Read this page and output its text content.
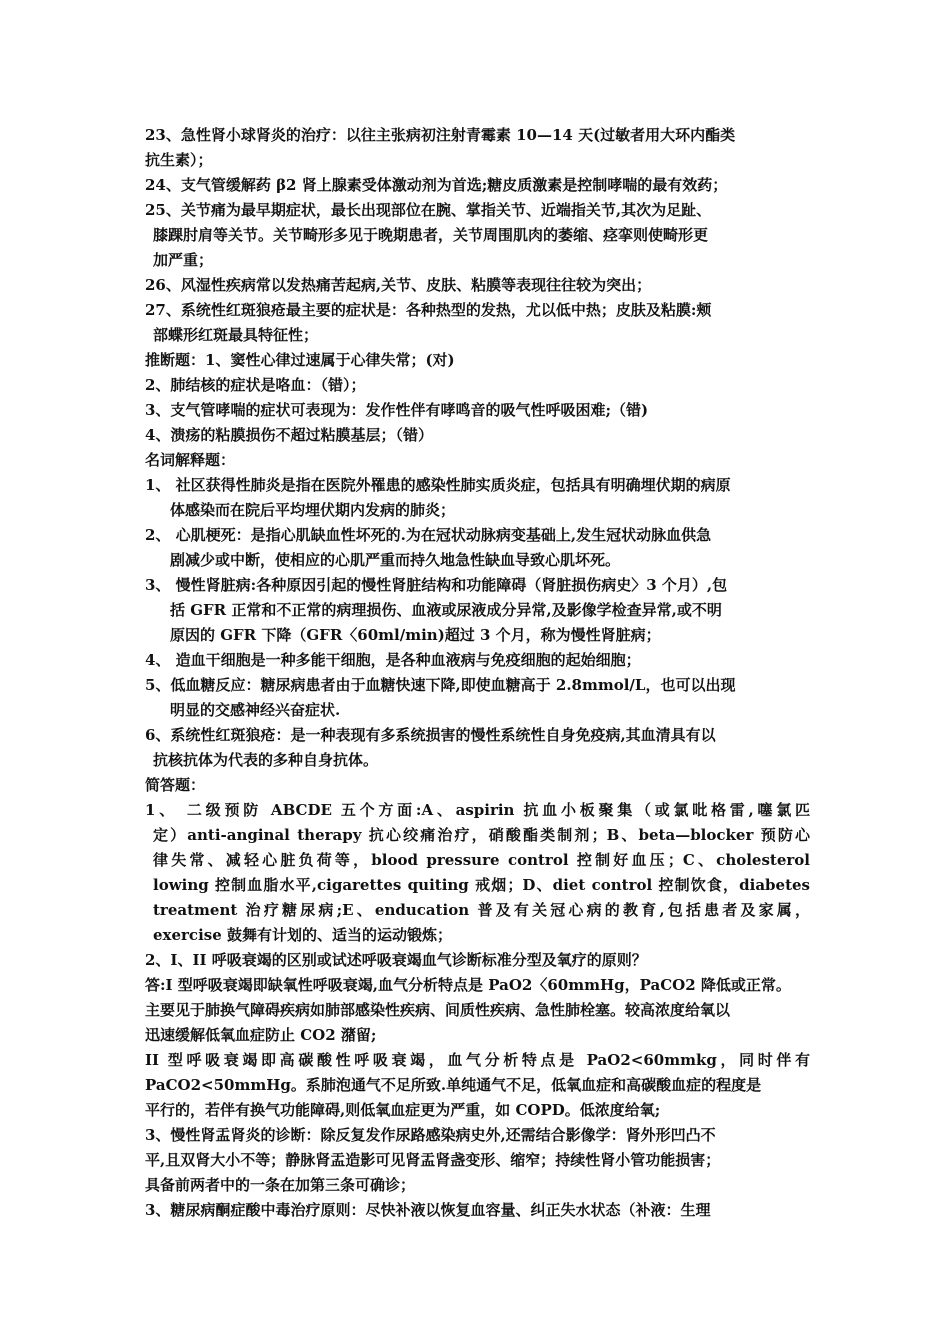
23、急性肾小球肾炎的治疗：以往主张病初注射青霉素 10—14 天(过敏者用大环内酯类
抗生素）；
24、支气管缓解药 β2 肾上腺素受体激动剂为首选;糖皮质激素是控制哮喘的最有效药；
25、关节痛为最早期症状，最长出现部位在腕、掌指关节、近端指关节,其次为足趾、
膝踝肘肩等关节。关节畸形多见于晚期患者，关节周围肌肉的萎缩、痉挛则使畸形更
加严重；
26、风湿性疾病常以发热痛苦起病,关节、皮肤、粘膜等表现往往较为突出；
27、系统性红斑狼疮最主要的症状是：各种热型的发热，尤以低中热；皮肤及粘膜:颊
部蝶形红斑最具特征性；
推断题：1、窦性心律过速属于心律失常；(对)
2、肺结核的症状是咯血：（错）；
3、支气管哮喘的症状可表现为：发作性伴有哮鸣音的吸气性呼吸困难;（错)
4、溃疡的粘膜损伤不超过粘膜基层；（错）
名词解释题：
1、 社区获得性肺炎是指在医院外罹患的感染性肺实质炎症，包括具有明确埋伏期的病原
体感染而在院后平均埋伏期内发病的肺炎；
2、 心肌梗死：是指心肌缺血性坏死的.为在冠状动脉病变基础上,发生冠状动脉血供急
剧减少或中断，使相应的心肌严重而持久地急性缺血导致心肌坏死。
3、 慢性肾脏病:各种原因引起的慢性肾脏结构和功能障碍（肾脏损伤病史〉3 个月）,包
括 GFR 正常和不正常的病理损伤、血液或尿液成分异常,及影像学检查异常,或不明
原因的 GFR 下降（GFR〈60ml/min)超过 3 个月，称为慢性肾脏病；
4、 造血干细胞是一种多能干细胞，是各种血液病与免疫细胞的起始细胞；
5、低血糖反应：糖尿病患者由于血糖快速下降,即使血糖高于 2.8mmol/L，也可以出现
明显的交感神经兴奋症状.
6、系统性红斑狼疮：是一种表现有多系统损害的慢性系统性自身免疫病,其血清具有以
抗核抗体为代表的多种自身抗体。
简答题：
1、 二级预防 ABCDE 五个方面:A、aspirin 抗血小板聚集（或氯吡格雷,噻氯匹
定）anti-anginal therapy 抗心绞痛治疗，硝酸酯类制剂；B、beta—blocker 预防心
律失常、减轻心脏负荷等，blood pressure control 控制好血压；C、cholesterol
lowing 控制血脂水平,cigarettes quiting 戒烟；D、diet control 控制饮食，diabetes
treatment 治疗糖尿病;E、enducation 普及有关冠心病的教育,包括患者及家属，
exercise 鼓舞有计划的、适当的运动锻炼；
2、I、II 呼吸衰竭的区别或试述呼吸衰竭血气诊断标准分型及氧疗的原则？
答:I 型呼吸衰竭即缺氧性呼吸衰竭,血气分析特点是 PaO2〈60mmHg，PaCO2 降低或正常。
主要见于肺换气障碍疾病如肺部感染性疾病、间质性疾病、急性肺栓塞。较高浓度给氧以
迅速缓解低氧血症防止 CO2 潴留;
II 型呼吸衰竭即高碳酸性呼吸衰竭，血气分析特点是 PaO2<60mmkg，同时伴有
PaCO2<50mmHg。系肺泡通气不足所致.单纯通气不足，低氧血症和高碳酸血症的程度是
平行的，若伴有换气功能障碍,则低氧血症更为严重，如 COPD。低浓度给氧;
3、慢性肾盂肾炎的诊断：除反复发作尿路感染病史外,还需结合影像学：肾外形凹凸不
平,且双肾大小不等；静脉肾盂造影可见肾盂肾盏变形、缩窄；持续性肾小管功能损害；
具备前两者中的一条在加第三条可确诊；
3、糖尿病酮症酸中毒治疗原则：尽快补液以恢复血容量、纠正失水状态（补液：生理
